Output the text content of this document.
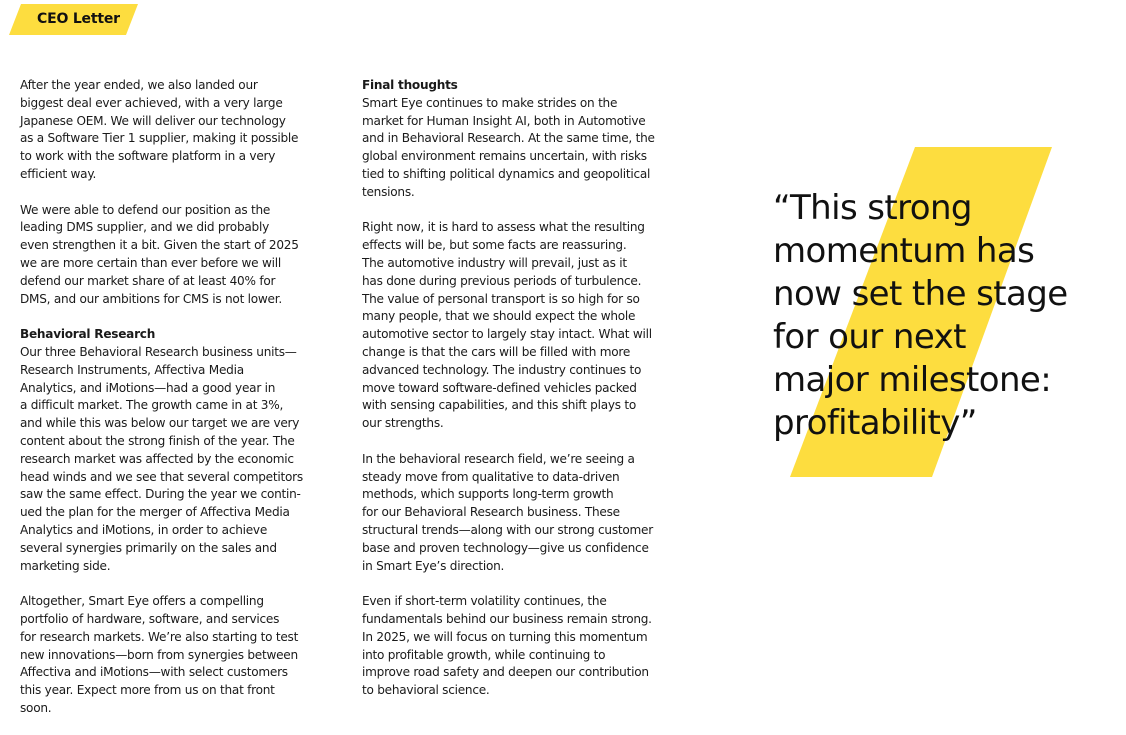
CEO Letter

After the year ended, we also landed our
biggest deal ever achieved, with a very large
Japanese OEM. We will deliver our technology
as a Software Tier 1 supplier, making it possible
to work with the software platform in a very
efficient way.

We were able to defend our position as the
leading DMS supplier, and we did probably
even strengthen it a bit. Given the start of 2025
we are more certain than ever before we will
defend our market share of at least 40% for
DMS, and our ambitions for CMS is not lower.

Behavioral Research

Our three Behavioral Research business units—
Research Instruments, Affectiva Media
Analytics, and iMotions—had a good year in
a difficult market. The growth came in at 3%,
and while this was below our target we are very
content about the strong finish of the year. The
research market was affected by the economic
head winds and we see that several competitors
saw the same effect. During the year we contin-
ued the plan for the merger of Affectiva Media
Analytics and iMotions, in order to achieve
several synergies primarily on the sales and
marketing side.

Altogether, Smart Eye offers a compelling
portfolio of hardware, software, and services
for research markets. We’re also starting to test
new innovations—born from synergies between
Affectiva and iMotions—with select customers
this year. Expect more from us on that front
soon.

Final thoughts

Smart Eye continues to make strides on the
market for Human Insight AI, both in Automotive
and in Behavioral Research. At the same time, the
global environment remains uncertain, with risks
tied to shifting political dynamics and geopolitical
tensions.

Right now, it is hard to assess what the resulting
effects will be, but some facts are reassuring.
The automotive industry will prevail, just as it
has done during previous periods of turbulence.
The value of personal transport is so high for so
many people, that we should expect the whole
automotive sector to largely stay intact. What will
change is that the cars will be filled with more
advanced technology. The industry continues to
move toward software-defined vehicles packed
with sensing capabilities, and this shift plays to
our strengths.

In the behavioral research field, we’re seeing a
steady move from qualitative to data-driven
methods, which supports long-term growth
for our Behavioral Research business. These
structural trends—along with our strong customer
base and proven technology—give us confidence
in Smart Eye’s direction.

Even if short-term volatility continues, the
fundamentals behind our business remain strong.
In 2025, we will focus on turning this momentum
into profitable growth, while continuing to
improve road safety and deepen our contribution
to behavioral science.

“This strong
momentum has
now set the stage
for our next
major milestone:
profitability”
